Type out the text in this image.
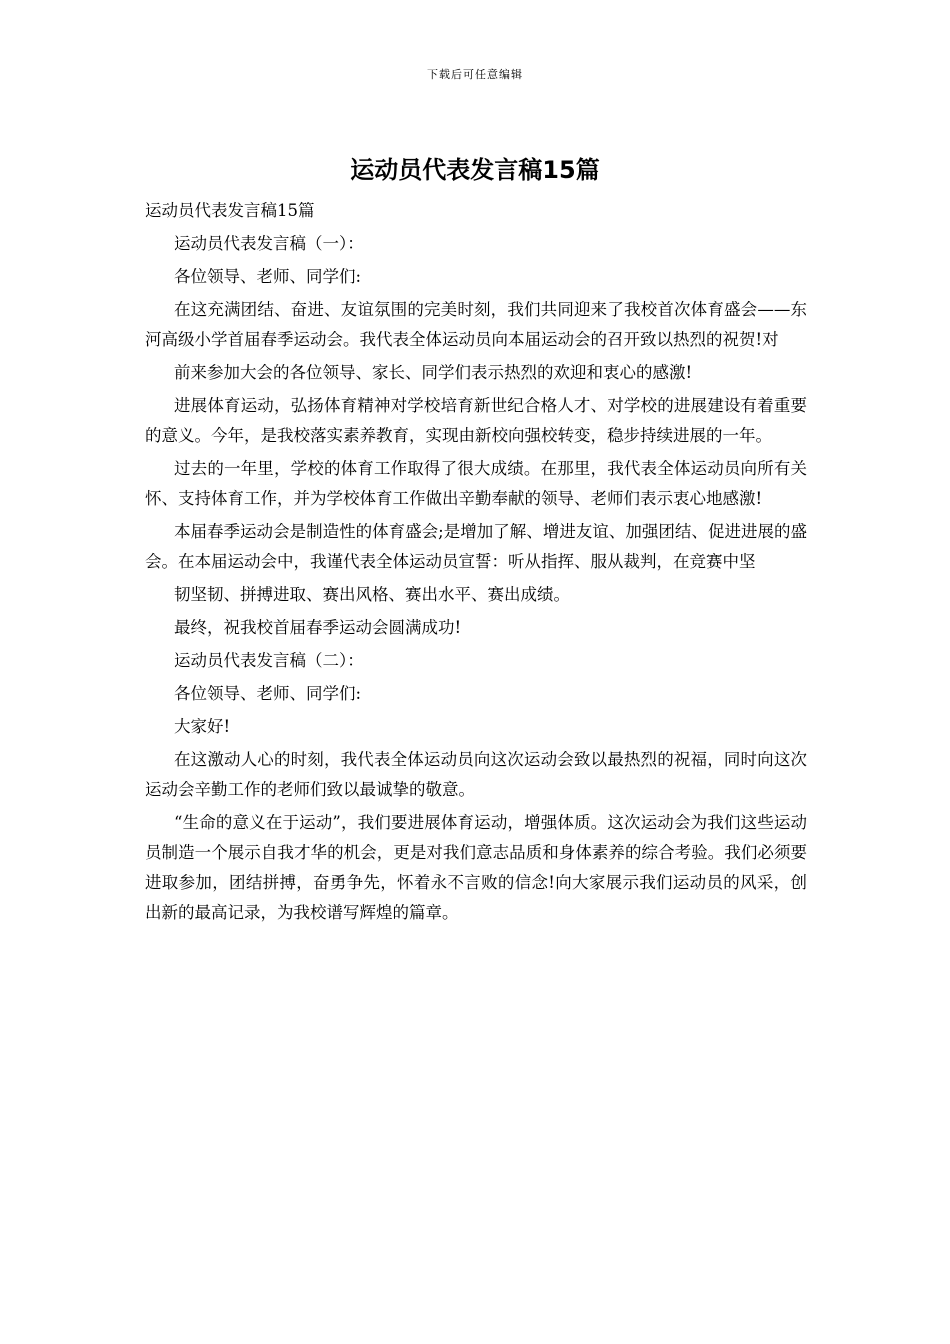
下载后可任意编辑
运动员代表发言稿15篇

运动员代表发言稿15篇

运动员代表发言稿（一）：

各位领导、老师、同学们:

在这充满团结、奋进、友谊氛围的完美时刻，我们共同迎来了我校首次体育盛会——东河高级小学首届春季运动会。我代表全体运动员向本届运动会的召开致以热烈的祝贺!对

前来参加大会的各位领导、家长、同学们表示热烈的欢迎和衷心的感激!

进展体育运动，弘扬体育精神对学校培育新世纪合格人才、对学校的进展建设有着重要的意义。今年，是我校落实素养教育，实现由新校向强校转变，稳步持续进展的一年。

过去的一年里，学校的体育工作取得了很大成绩。在那里，我代表全体运动员向所有关怀、支持体育工作，并为学校体育工作做出辛勤奉献的领导、老师们表示衷心地感激!

本届春季运动会是制造性的体育盛会;是增加了解、增进友谊、加强团结、促进进展的盛会。在本届运动会中，我谨代表全体运动员宣誓：听从指挥、服从裁判，在竞赛中坚

韧坚韧、拼搏进取、赛出风格、赛出水平、赛出成绩。

最终，祝我校首届春季运动会圆满成功!

运动员代表发言稿（二）：

各位领导、老师、同学们:

大家好!

在这激动人心的时刻，我代表全体运动员向这次运动会致以最热烈的祝福，同时向这次运动会辛勤工作的老师们致以最诚挚的敬意。

“生命的意义在于运动”，我们要进展体育运动，增强体质。这次运动会为我们这些运动员制造一个展示自我才华的机会，更是对我们意志品质和身体素养的综合考验。我们必须要进取参加，团结拼搏，奋勇争先，怀着永不言败的信念!向大家展示我们运动员的风采，创出新的最高记录，为我校谱写辉煌的篇章。
